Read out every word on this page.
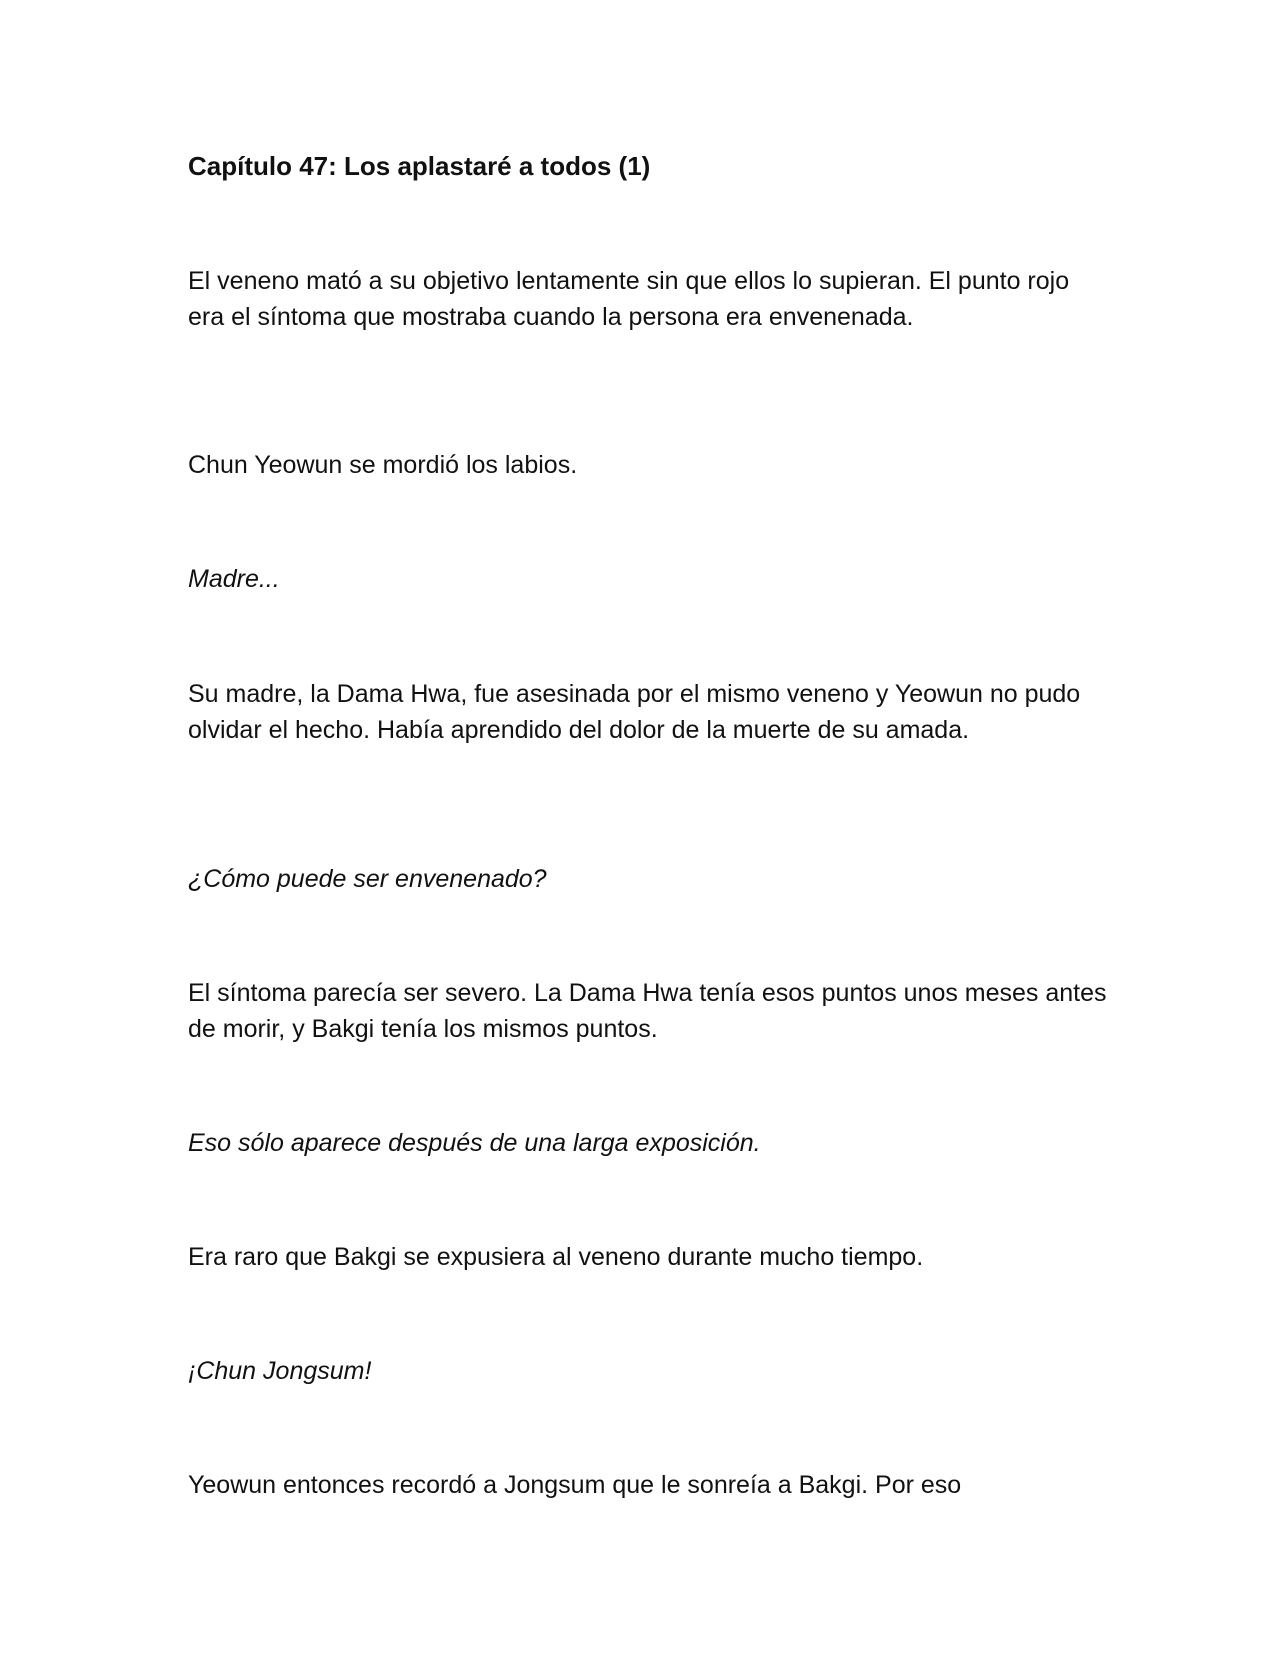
Capítulo 47: Los aplastaré a todos (1)

El veneno mató a su objetivo lentamente sin que ellos lo supieran. El punto rojo era el síntoma que mostraba cuando la persona era envenenada.

Chun Yeowun se mordió los labios.

Madre...

Su madre, la Dama Hwa, fue asesinada por el mismo veneno y Yeowun no pudo olvidar el hecho. Había aprendido del dolor de la muerte de su amada.

¿Cómo puede ser envenenado?

El síntoma parecía ser severo. La Dama Hwa tenía esos puntos unos meses antes de morir, y Bakgi tenía los mismos puntos.

Eso sólo aparece después de una larga exposición.

Era raro que Bakgi se expusiera al veneno durante mucho tiempo.

¡Chun Jongsum!

Yeowun entonces recordó a Jongsum que le sonreía a Bakgi. Por eso
